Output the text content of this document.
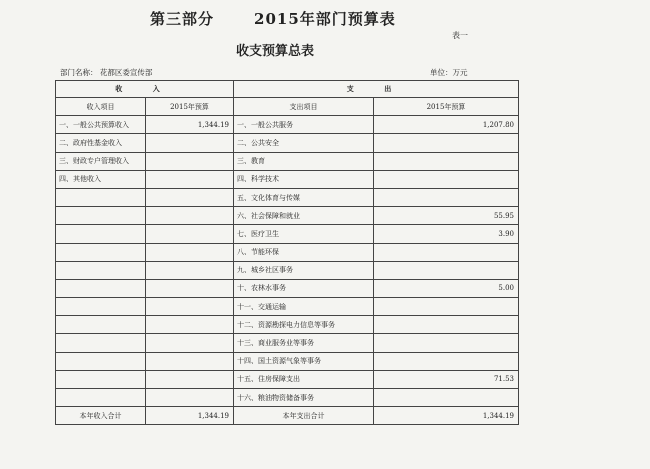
第三部分	2015年部门预算表
表一
收支预算总表
部门名称： 花都区委宣传部	单位：万元
收 入		支 出	
收入项目	2015年预算	支出项目	2015年预算
一、一般公共预算收入	1,344.19	一、一般公共服务	1,207.80
二、政府性基金收入		二、公共安全	
三、财政专户管理收入		三、教育	
四、其他收入		四、科学技术	
		五、文化体育与传媒	
		六、社会保障和就业	55.95
		七、医疗卫生	3.90
		八、节能环保	
		九、城乡社区事务	
		十、农林水事务	5.00
		十一、交通运输	
		十二、资源勘探电力信息等事务	
		十三、商业服务业等事务	
		十四、国土资源气象等事务	
		十五、住房保障支出	71.53
		十六、粮油物资储备事务	
本年收入合计	1,344.19	本年支出合计	1,344.19
